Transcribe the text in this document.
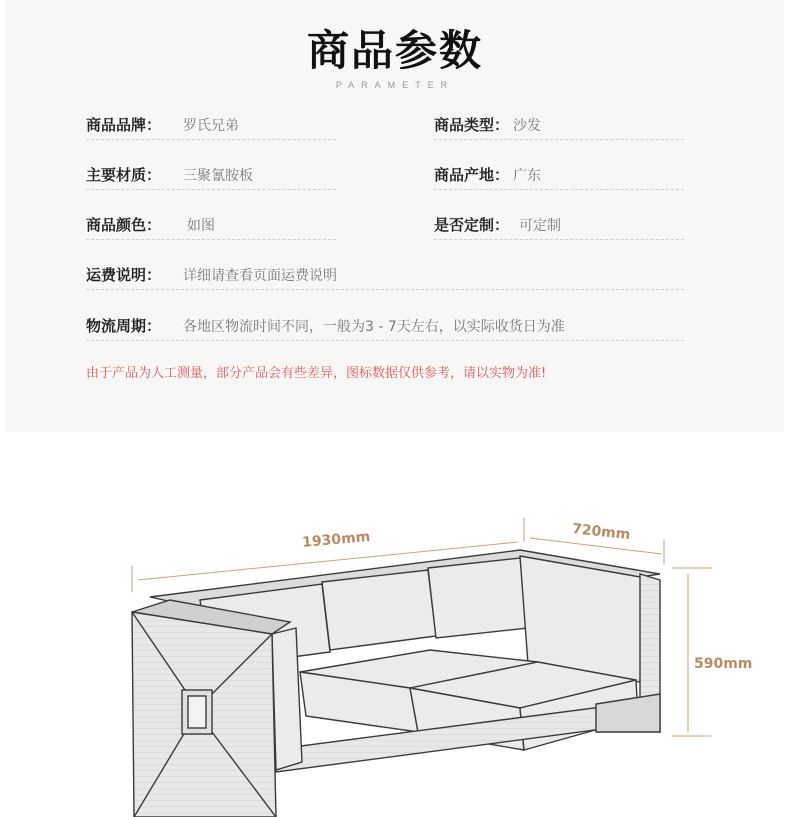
商品参数
PARAMETER
商品品牌： 罗氏兄弟	商品类型： 沙发
主要材质： 三聚氰胺板	商品产地： 广东
商品颜色： 如图	是否定制： 可定制
运费说明： 详细请查看页面运费说明
物流周期： 各地区物流时间不同，一般为3 - 7天左右，以实际收货日为准
由于产品为人工测量，部分产品会有些差异，图标数据仅供参考，请以实物为准!
1930mm	720mm
590mm
